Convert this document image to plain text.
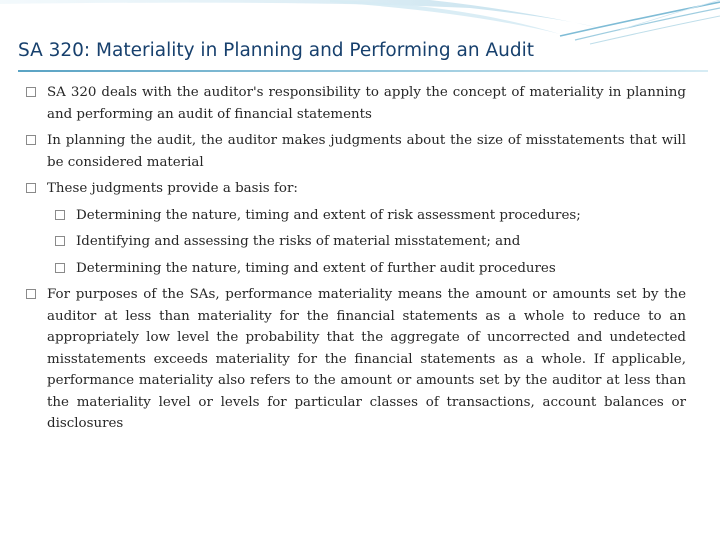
SA 320: Materiality in Planning and Performing an Audit
SA 320 deals with the auditor's responsibility to apply the concept of materiality in planning and performing an audit of financial statements
In planning the audit, the auditor makes judgments about the size of misstatements that will be considered material
These judgments provide a basis for:
Determining the nature, timing and extent of risk assessment procedures;
Identifying and assessing the risks of material misstatement; and
Determining the nature, timing and extent of further audit procedures
For purposes of the SAs, performance materiality means the amount or amounts set by the auditor at less than materiality for the financial statements as a whole to reduce to an appropriately low level the probability that the aggregate of uncorrected and undetected misstatements exceeds materiality for the financial statements as a whole. If applicable, performance materiality also refers to the amount or amounts set by the auditor at less than the materiality level or levels for particular classes of transactions, account balances or disclosures
